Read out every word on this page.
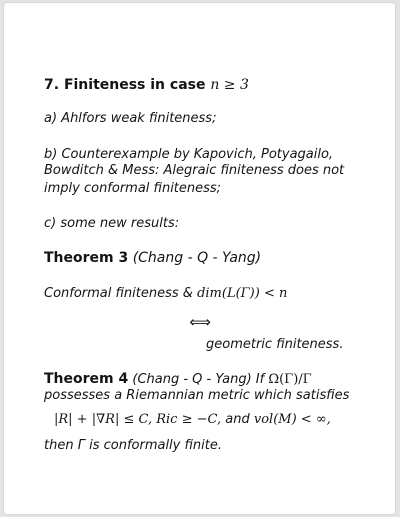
7. Finiteness in case n ≥ 3
a) Ahlfors weak finiteness;
b) Counterexample by Kapovich, Potyagailo,
Bowditch & Mess: Alegraic finiteness does not
imply conformal finiteness;
c) some new results:
Theorem 3 (Chang - Q - Yang)
Conformal finiteness & dim(L(Γ)) < n
⟺
geometric finiteness.
Theorem 4 (Chang - Q - Yang) If Ω(Γ)/Γ
possesses a Riemannian metric which satisfies
|R| + |∇R| ≤ C, Ric ≥ −C, and vol(M) < ∞,
then Γ is conformally finite.
